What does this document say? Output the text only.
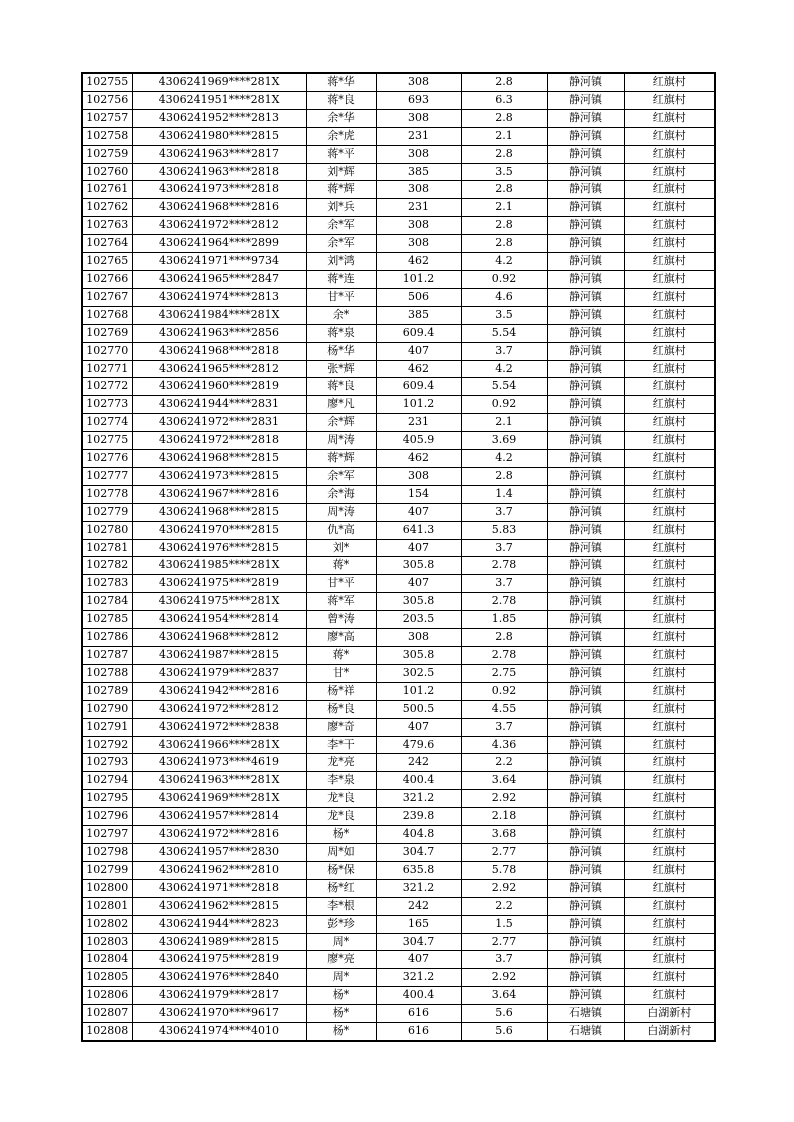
102755	4306241969****281X	蒋*华	308	2.8	静河镇	红旗村
102756	4306241951****281X	蒋*良	693	6.3	静河镇	红旗村
102757	4306241952****2813	余*华	308	2.8	静河镇	红旗村
102758	4306241980****2815	余*虎	231	2.1	静河镇	红旗村
102759	4306241963****2817	蒋*平	308	2.8	静河镇	红旗村
102760	4306241963****2818	刘*辉	385	3.5	静河镇	红旗村
102761	4306241973****2818	蒋*辉	308	2.8	静河镇	红旗村
102762	4306241968****2816	刘*兵	231	2.1	静河镇	红旗村
102763	4306241972****2812	余*军	308	2.8	静河镇	红旗村
102764	4306241964****2899	余*军	308	2.8	静河镇	红旗村
102765	4306241971****9734	刘*鸿	462	4.2	静河镇	红旗村
102766	4306241965****2847	蒋*连	101.2	0.92	静河镇	红旗村
102767	4306241974****2813	甘*平	506	4.6	静河镇	红旗村
102768	4306241984****281X	余*	385	3.5	静河镇	红旗村
102769	4306241963****2856	蒋*泉	609.4	5.54	静河镇	红旗村
102770	4306241968****2818	杨*华	407	3.7	静河镇	红旗村
102771	4306241965****2812	张*辉	462	4.2	静河镇	红旗村
102772	4306241960****2819	蒋*良	609.4	5.54	静河镇	红旗村
102773	4306241944****2831	廖*凡	101.2	0.92	静河镇	红旗村
102774	4306241972****2831	余*辉	231	2.1	静河镇	红旗村
102775	4306241972****2818	周*涛	405.9	3.69	静河镇	红旗村
102776	4306241968****2815	蒋*辉	462	4.2	静河镇	红旗村
102777	4306241973****2815	余*军	308	2.8	静河镇	红旗村
102778	4306241967****2816	余*海	154	1.4	静河镇	红旗村
102779	4306241968****2815	周*涛	407	3.7	静河镇	红旗村
102780	4306241970****2815	仇*高	641.3	5.83	静河镇	红旗村
102781	4306241976****2815	刘*	407	3.7	静河镇	红旗村
102782	4306241985****281X	蒋*	305.8	2.78	静河镇	红旗村
102783	4306241975****2819	甘*平	407	3.7	静河镇	红旗村
102784	4306241975****281X	蒋*军	305.8	2.78	静河镇	红旗村
102785	4306241954****2814	曾*涛	203.5	1.85	静河镇	红旗村
102786	4306241968****2812	廖*高	308	2.8	静河镇	红旗村
102787	4306241987****2815	蒋*	305.8	2.78	静河镇	红旗村
102788	4306241979****2837	甘*	302.5	2.75	静河镇	红旗村
102789	4306241942****2816	杨*祥	101.2	0.92	静河镇	红旗村
102790	4306241972****2812	杨*良	500.5	4.55	静河镇	红旗村
102791	4306241972****2838	廖*奇	407	3.7	静河镇	红旗村
102792	4306241966****281X	李*干	479.6	4.36	静河镇	红旗村
102793	4306241973****4619	龙*亮	242	2.2	静河镇	红旗村
102794	4306241963****281X	李*泉	400.4	3.64	静河镇	红旗村
102795	4306241969****281X	龙*良	321.2	2.92	静河镇	红旗村
102796	4306241957****2814	龙*良	239.8	2.18	静河镇	红旗村
102797	4306241972****2816	杨*	404.8	3.68	静河镇	红旗村
102798	4306241957****2830	周*如	304.7	2.77	静河镇	红旗村
102799	4306241962****2810	杨*保	635.8	5.78	静河镇	红旗村
102800	4306241971****2818	杨*红	321.2	2.92	静河镇	红旗村
102801	4306241962****2815	李*根	242	2.2	静河镇	红旗村
102802	4306241944****2823	彭*珍	165	1.5	静河镇	红旗村
102803	4306241989****2815	周*	304.7	2.77	静河镇	红旗村
102804	4306241975****2819	廖*亮	407	3.7	静河镇	红旗村
102805	4306241976****2840	周*	321.2	2.92	静河镇	红旗村
102806	4306241979****2817	杨*	400.4	3.64	静河镇	红旗村
102807	4306241970****9617	杨*	616	5.6	石塘镇	白湖新村
102808	4306241974****4010	杨*	616	5.6	石塘镇	白湖新村
